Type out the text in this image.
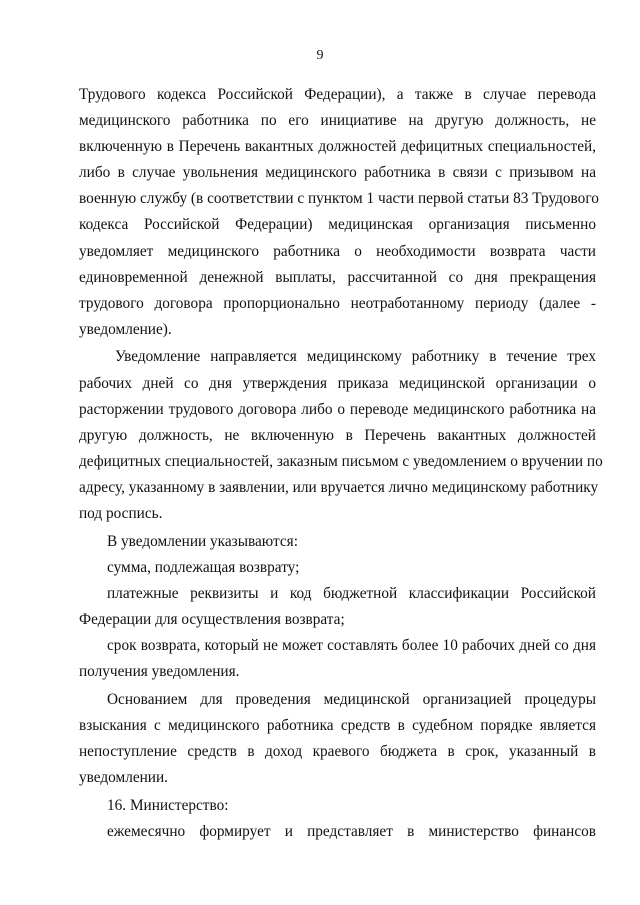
9
Трудового кодекса Российской Федерации), а также в случае перевода
медицинского работника по его инициативе на другую должность, не
включенную в Перечень вакантных должностей дефицитных специальностей,
либо в случае увольнения медицинского работника в связи с призывом на
военную службу (в соответствии с пунктом 1 части первой статьи 83 Трудового
кодекса Российской Федерации) медицинская организация письменно
уведомляет медицинского работника о необходимости возврата части
единовременной денежной выплаты, рассчитанной со дня прекращения
трудового договора пропорционально неотработанному периоду (далее -
уведомление).
Уведомление направляется медицинскому работнику в течение трех
рабочих дней со дня утверждения приказа медицинской организации о
расторжении трудового договора либо о переводе медицинского работника на
другую должность, не включенную в Перечень вакантных должностей
дефицитных специальностей, заказным письмом с уведомлением о вручении по
адресу, указанному в заявлении, или вручается лично медицинскому работнику
под роспись.
В уведомлении указываются:
сумма, подлежащая возврату;
платежные реквизиты и код бюджетной классификации Российской
Федерации для осуществления возврата;
срок возврата, который не может составлять более 10 рабочих дней со дня
получения уведомления.
Основанием для проведения медицинской организацией процедуры
взыскания с медицинского работника средств в судебном порядке является
непоступление средств в доход краевого бюджета в срок, указанный в
уведомлении.
16. Министерство:
ежемесячно формирует и представляет в министерство финансов
